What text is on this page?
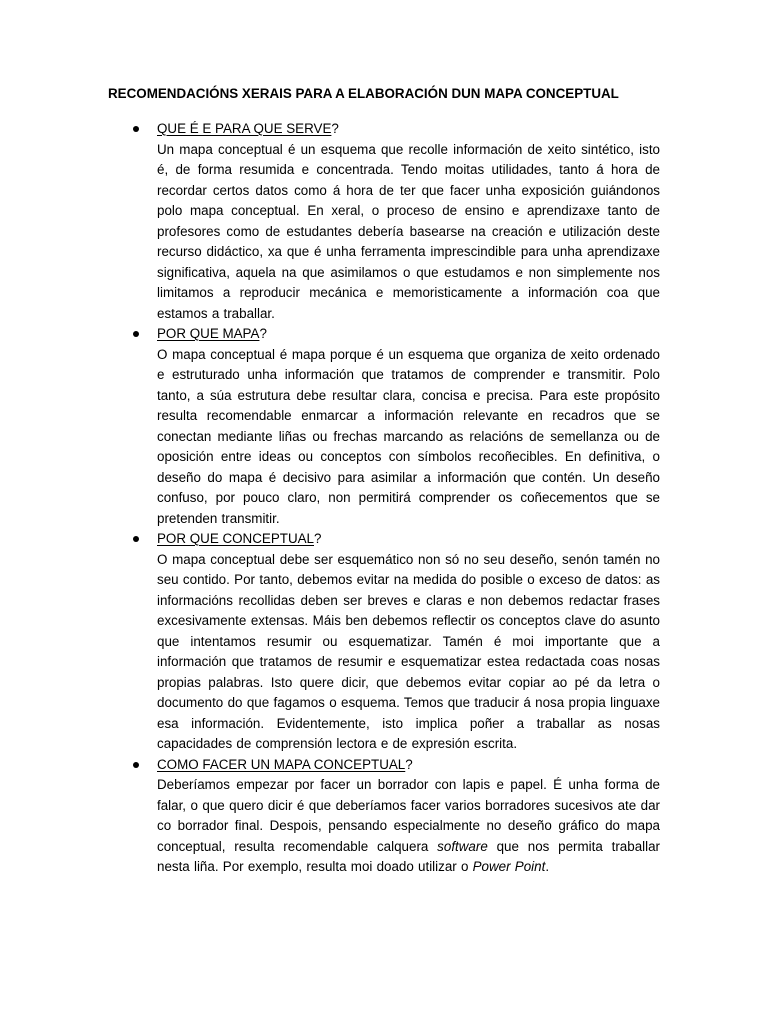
RECOMENDACIÓNS XERAIS PARA A ELABORACIÓN DUN MAPA CONCEPTUAL
QUE É E PARA QUE SERVE?
Un mapa conceptual é un esquema que recolle información de xeito sintético, isto é, de forma resumida e concentrada. Tendo moitas utilidades, tanto á hora de recordar certos datos como á hora de ter que facer unha exposición guiándonos polo mapa conceptual. En xeral, o proceso de ensino e aprendizaxe tanto de profesores como de estudantes debería basearse na creación e utilización deste recurso didáctico, xa que é unha ferramenta imprescindible para unha aprendizaxe significativa, aquela na que asimilamos o que estudamos e non simplemente nos limitamos a reproducir mecánica e memoristicamente a información coa que estamos a traballar.
POR QUE MAPA?
O mapa conceptual é mapa porque é un esquema que organiza de xeito ordenado e estruturado unha información que tratamos de comprender e transmitir. Polo tanto, a súa estrutura debe resultar clara, concisa e precisa. Para este propósito resulta recomendable enmarcar a información relevante en recadros que se conectan mediante liñas ou frechas marcando as relacións de semellanza ou de oposición entre ideas ou conceptos con símbolos recoñecibles. En definitiva, o deseño do mapa é decisivo para asimilar a información que contén. Un deseño confuso, por pouco claro, non permitirá comprender os coñecementos que se pretenden transmitir.
POR QUE CONCEPTUAL?
O mapa conceptual debe ser esquemático non só no seu deseño, senón tamén no seu contido. Por tanto, debemos evitar na medida do posible o exceso de datos: as informacións recollidas deben ser breves e claras e non debemos redactar frases excesivamente extensas. Máis ben debemos reflectir os conceptos clave do asunto que intentamos resumir ou esquematizar. Tamén é moi importante que a información que tratamos de resumir e esquematizar estea redactada coas nosas propias palabras. Isto quere dicir, que debemos evitar copiar ao pé da letra o documento do que fagamos o esquema. Temos que traducir á nosa propia linguaxe esa información. Evidentemente, isto implica poñer a traballar as nosas capacidades de comprensión lectora e de expresión escrita.
COMO FACER UN MAPA CONCEPTUAL?
Deberíamos empezar por facer un borrador con lapis e papel. É unha forma de falar, o que quero dicir é que deberíamos facer varios borradores sucesivos ate dar co borrador final. Despois, pensando especialmente no deseño gráfico do mapa conceptual, resulta recomendable calquera software que nos permita traballar nesta liña. Por exemplo, resulta moi doado utilizar o Power Point.
